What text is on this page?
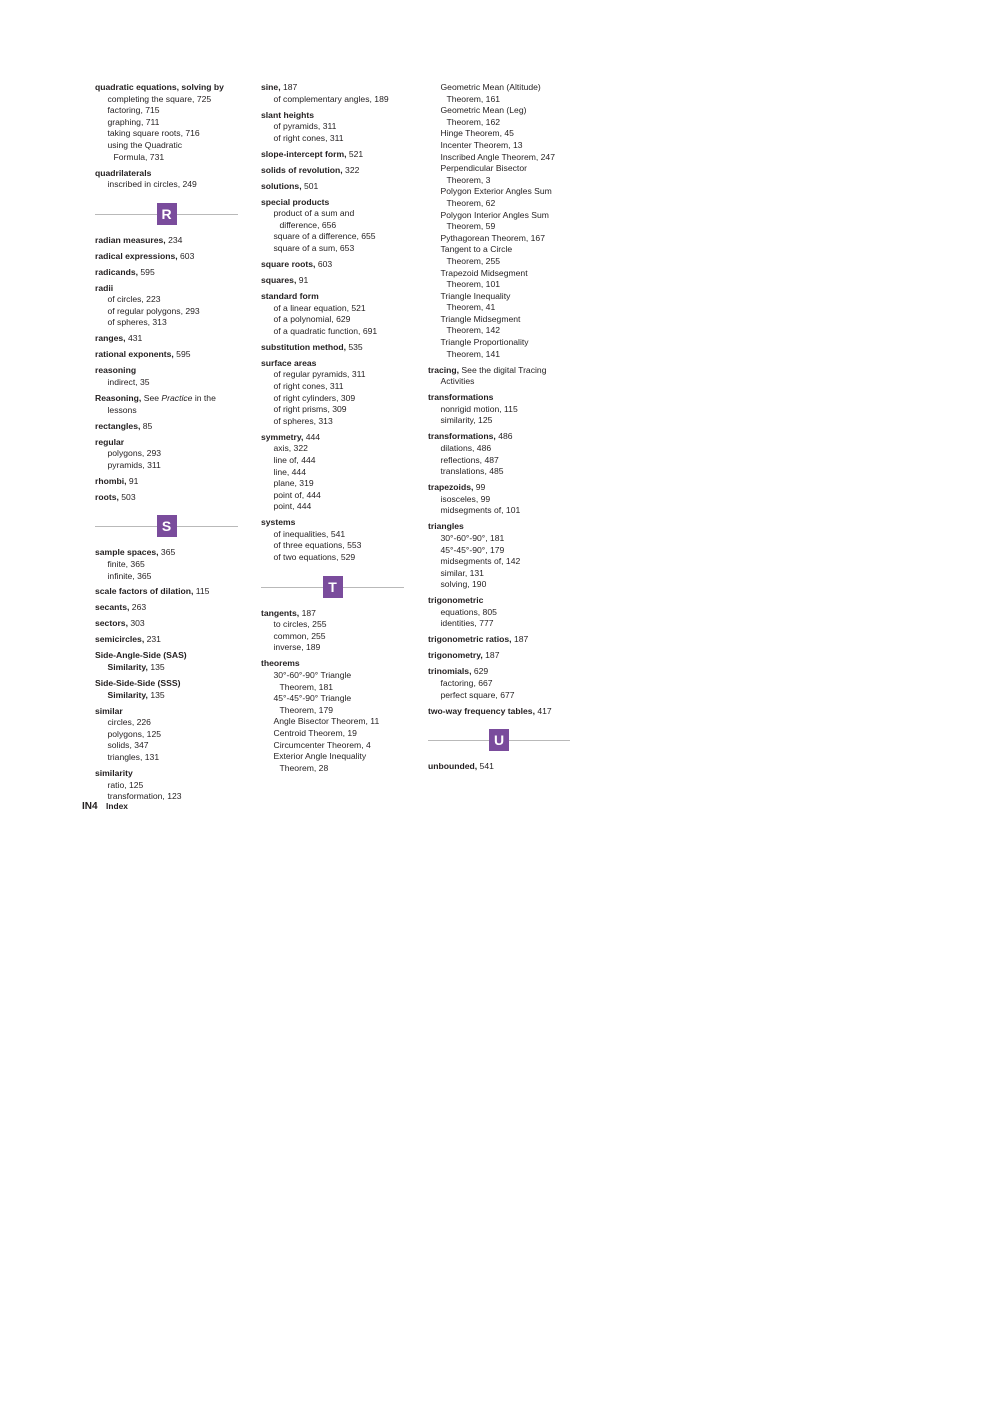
quadratic equations, solving by
completing the square, 725
factoring, 715
graphing, 711
taking square roots, 716
using the Quadratic
Formula, 731
quadrilaterals
inscribed in circles, 249
R
radian measures, 234
radical expressions, 603
radicands, 595
radii
of circles, 223
of regular polygons, 293
of spheres, 313
ranges, 431
rational exponents, 595
reasoning
indirect, 35
Reasoning, See Practice in the
lessons
rectangles, 85
regular
polygons, 293
pyramids, 311
rhombi, 91
roots, 503
S
sample spaces, 365
finite, 365
infinite, 365
scale factors of dilation, 115
secants, 263
sectors, 303
semicircles, 231
Side-Angle-Side (SAS)
Similarity, 135
Side-Side-Side (SSS)
Similarity, 135
similar
circles, 226
polygons, 125
solids, 347
triangles, 131
similarity
ratio, 125
transformation, 123
sine, 187
of complementary angles, 189
slant heights
of pyramids, 311
of right cones, 311
slope-intercept form, 521
solids of revolution, 322
solutions, 501
special products
product of a sum and
difference, 656
square of a difference, 655
square of a sum, 653
square roots, 603
squares, 91
standard form
of a linear equation, 521
of a polynomial, 629
of a quadratic function, 691
substitution method, 535
surface areas
of regular pyramids, 311
of right cones, 311
of right cylinders, 309
of right prisms, 309
of spheres, 313
symmetry, 444
axis, 322
line of, 444
line, 444
plane, 319
point of, 444
point, 444
systems
of inequalities, 541
of three equations, 553
of two equations, 529
T
tangents, 187
to circles, 255
common, 255
inverse, 189
theorems
30°-60°-90° Triangle
Theorem, 181
45°-45°-90° Triangle
Theorem, 179
Angle Bisector Theorem, 11
Centroid Theorem, 19
Circumcenter Theorem, 4
Exterior Angle Inequality
Theorem, 28
Geometric Mean (Altitude)
Theorem, 161
Geometric Mean (Leg)
Theorem, 162
Hinge Theorem, 45
Incenter Theorem, 13
Inscribed Angle Theorem, 247
Perpendicular Bisector
Theorem, 3
Polygon Exterior Angles Sum
Theorem, 62
Polygon Interior Angles Sum
Theorem, 59
Pythagorean Theorem, 167
Tangent to a Circle
Theorem, 255
Trapezoid Midsegment
Theorem, 101
Triangle Inequality
Theorem, 41
Triangle Midsegment
Theorem, 142
Triangle Proportionality
Theorem, 141
tracing, See the digital Tracing
Activities
transformations
nonrigid motion, 115
similarity, 125
transformations, 486
dilations, 486
reflections, 487
translations, 485
trapezoids, 99
isosceles, 99
midsegments of, 101
triangles
30°-60°-90°, 181
45°-45°-90°, 179
midsegments of, 142
similar, 131
solving, 190
trigonometric
equations, 805
identities, 777
trigonometric ratios, 187
trigonometry, 187
trinomials, 629
factoring, 667
perfect square, 677
two-way frequency tables, 417
U
unbounded, 541
IN4 Index
